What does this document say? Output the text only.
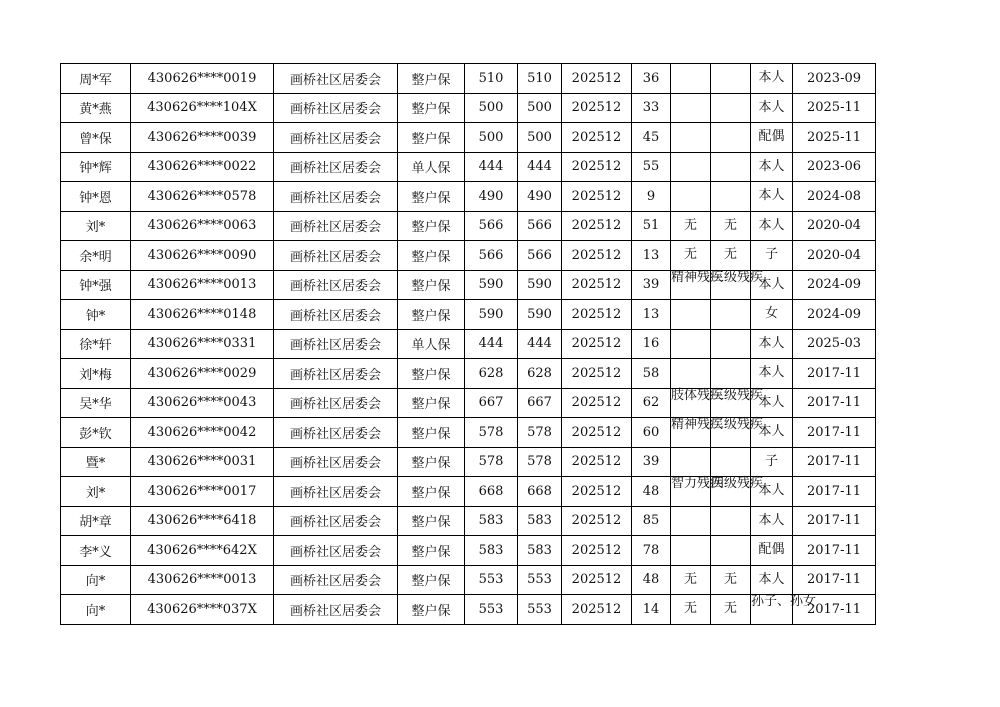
周*军	430626****0019	画桥社区居委会	整户保	510	510	202512	36			本人	2023-09
黄*燕	430626****104X	画桥社区居委会	整户保	500	500	202512	33			本人	2025-11
曾*保	430626****0039	画桥社区居委会	整户保	500	500	202512	45			配偶	2025-11
钟*辉	430626****0022	画桥社区居委会	单人保	444	444	202512	55			本人	2023-06
钟*恩	430626****0578	画桥社区居委会	整户保	490	490	202512	9			本人	2024-08
刘*	430626****0063	画桥社区居委会	整户保	566	566	202512	51	无	无	本人	2020-04
余*明	430626****0090	画桥社区居委会	整户保	566	566	202512	13	无	无	子	2020-04
钟*强	430626****0013	画桥社区居委会	整户保	590	590	202512	39	精神残疾	三级残疾	本人	2024-09
钟*	430626****0148	画桥社区居委会	整户保	590	590	202512	13			女	2024-09
徐*轩	430626****0331	画桥社区居委会	单人保	444	444	202512	16			本人	2025-03
刘*梅	430626****0029	画桥社区居委会	整户保	628	628	202512	58			本人	2017-11
吴*华	430626****0043	画桥社区居委会	整户保	667	667	202512	62	肢体残疾	三级残疾	本人	2017-11
彭*钦	430626****0042	画桥社区居委会	整户保	578	578	202512	60	精神残疾	二级残疾	本人	2017-11
暨*	430626****0031	画桥社区居委会	整户保	578	578	202512	39			子	2017-11
刘*	430626****0017	画桥社区居委会	整户保	668	668	202512	48	智力残疾	四级残疾	本人	2017-11
胡*章	430626****6418	画桥社区居委会	整户保	583	583	202512	85			本人	2017-11
李*义	430626****642X	画桥社区居委会	整户保	583	583	202512	78			配偶	2017-11
向*	430626****0013	画桥社区居委会	整户保	553	553	202512	48	无	无	本人	2017-11
向*	430626****037X	画桥社区居委会	整户保	553	553	202512	14	无	无	孙子、孙女	2017-11
